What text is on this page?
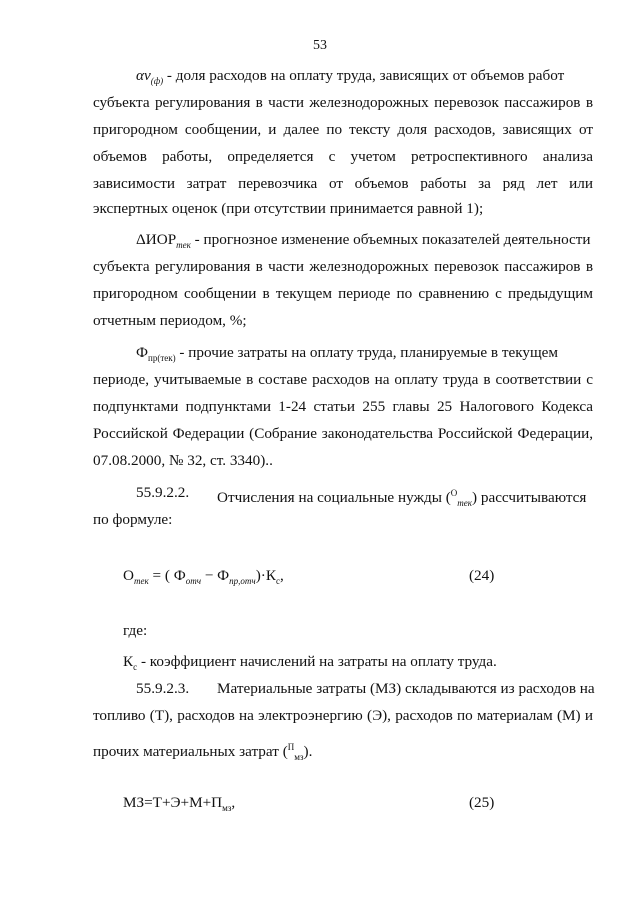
53
$\alpha v_{(ф)}$ - доля расходов на оплату труда, зависящих от объемов работ
субъекта регулирования в части железнодорожных перевозок пассажиров в
пригородном сообщении, и далее по тексту доля расходов, зависящих от
объемов работы, определяется с учетом ретроспективного анализа
зависимости затрат перевозчика от объемов работы за ряд лет или
экспертных оценок (при отсутствии принимается равной 1);
$\Delta ИОР_{тек}$ - прогнозное изменение объемных показателей деятельности
субъекта регулирования в части железнодорожных перевозок пассажиров в
пригородном сообщении в текущем периоде по сравнению с предыдущим
отчетным периодом, %;
$Ф_{пр(тек)}$ - прочие затраты на оплату труда, планируемые в текущем
периоде, учитываемые в составе расходов на оплату труда в соответствии с
подпунктами подпунктами 1-24 статьи 255 главы 25 Налогового Кодекса
Российской Федерации (Собрание законодательства Российской Федерации,
07.08.2000, № 32, ст. 3340)..
55.9.2.2. Отчисления на социальные нужды ($^О_{тек}$) рассчитываются
по формуле:
$О_{тек}$ = ( $Ф_{отч} - Ф_{пр,отч})\cdot К_с$,	(24)
где:
$К_с$ - коэффициент начислений на затраты на оплату труда.
55.9.2.3. Материальные затраты (МЗ) складываются из расходов на
топливо (Т), расходов на электроэнергию (Э), расходов по материалам (М) и
прочих материальных затрат ($^П_{мз}$).
$МЗ=Т+Э+М+П_{мз}$,	(25)
